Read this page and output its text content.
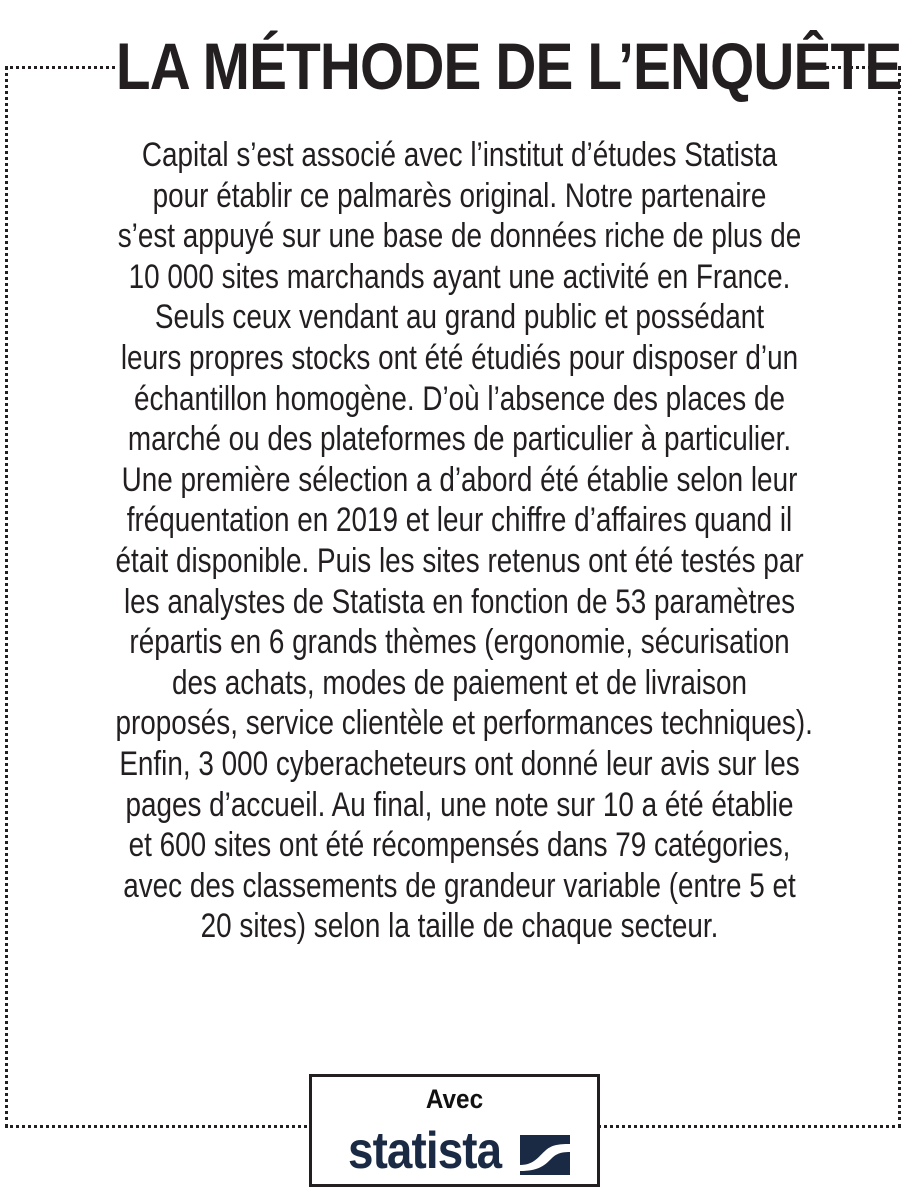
LA MÉTHODE DE L’ENQUÊTE
Capital s’est associé avec l’institut d’études Statista
pour établir ce palmarès original. Notre partenaire
s’est appuyé sur une base de données riche de plus de
10 000 sites marchands ayant une activité en France.
Seuls ceux vendant au grand public et possédant
leurs propres stocks ont été étudiés pour disposer d’un
échantillon homogène. D’où l’absence des places de
marché ou des plateformes de particulier à particulier.
Une première sélection a d’abord été établie selon leur
fréquentation en 2019 et leur chiffre d’affaires quand il
était disponible. Puis les sites retenus ont été testés par
les analystes de Statista en fonction de 53 paramètres
répartis en 6 grands thèmes (ergonomie, sécurisation
des achats, modes de paiement et de livraison
proposés, service clientèle et performances techniques).
Enfin, 3 000 cyberacheteurs ont donné leur avis sur les
pages d’accueil. Au final, une note sur 10 a été établie
et 600 sites ont été récompensés dans 79 catégories,
avec des classements de grandeur variable (entre 5 et
20 sites) selon la taille de chaque secteur.
Avec
statista
